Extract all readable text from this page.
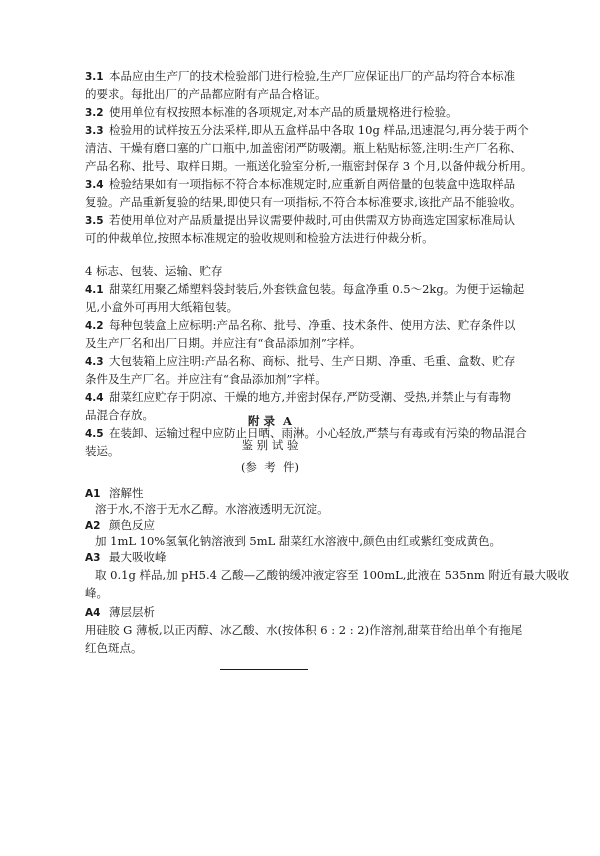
3.1 本品应由生产厂的技术检验部门进行检验,生产厂应保证出厂的产品均符合本标准
的要求。每批出厂的产品都应附有产品合格证。
3.2 使用单位有权按照本标准的各项规定,对本产品的质量规格进行检验。
3.3 检验用的试样按五分法采样,即从五盒样品中各取 10g 样品,迅速混匀,再分装于两个
清洁、干燥有磨口塞的广口瓶中,加盖密闭严防吸潮。瓶上粘贴标签,注明:生产厂名称、
产品名称、批号、取样日期。一瓶送化验室分析,一瓶密封保存 3 个月,以备仲裁分析用。
3.4 检验结果如有一项指标不符合本标准规定时,应重新自两倍量的包装盒中选取样品
复验。产品重新复验的结果,即使只有一项指标,不符合本标准要求,该批产品不能验收。
3.5 若使用单位对产品质量提出异议需要仲裁时,可由供需双方协商选定国家标准局认
可的仲裁单位,按照本标准规定的验收规则和检验方法进行仲裁分析。
4 标志、包装、运输、贮存
4.1 甜菜红用聚乙烯塑料袋封装后,外套铁盒包装。每盒净重 0.5～2kg。为便于运输起
见,小盒外可再用大纸箱包装。
4.2 每种包装盒上应标明:产品名称、批号、净重、技术条件、使用方法、贮存条件以
及生产厂名和出厂日期。并应注有“食品添加剂”字样。
4.3 大包装箱上应注明:产品名称、商标、批号、生产日期、净重、毛重、盒数、贮存
条件及生产厂名。并应注有“食品添加剂”字样。
4.4 甜菜红应贮存于阴凉、干燥的地方,并密封保存,严防受潮、受热,并禁止与有毒物
品混合存放。
4.5 在装卸、运输过程中应防止日晒、雨淋。小心轻放,严禁与有毒或有污染的物品混合
装运。
附 录  A
鉴 别 试 验
(参  考  件)
A1 溶解性
溶于水,不溶于无水乙醇。水溶液透明无沉淀。
A2 颜色反应
加 1mL 10%氢氧化钠溶液到 5mL 甜菜红水溶液中,颜色由红或紫红变成黄色。
A3 最大吸收峰
取 0.1g 样品,加 pH5.4 乙酸—乙酸钠缓冲液定容至 100mL,此液在 535nm 附近有最大吸收
峰。
A4 薄层层析
用硅胶 G 薄板,以正丙醇、冰乙酸、水(按体积 6 : 2 : 2)作溶剂,甜菜苷给出单个有拖尾
红色斑点。
